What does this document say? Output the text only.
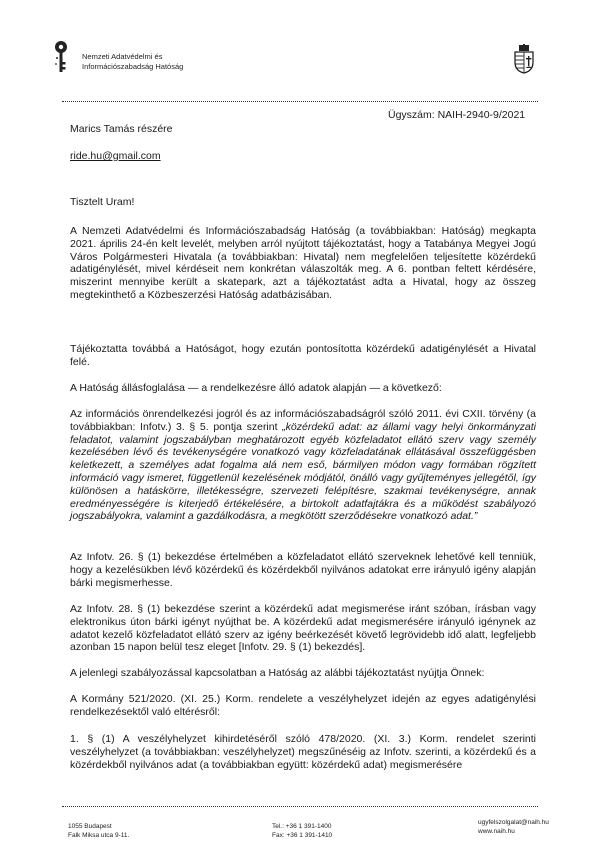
Nemzeti Adatvédelmi és
Információszabadság Hatóság
Ügyszám: NAIH-2940-9/2021
Marics Tamás részére
ride.hu@gmail.com
Tisztelt Uram!

A Nemzeti Adatvédelmi és Információszabadság Hatóság (a továbbiakban: Hatóság) megkapta 2021. április 24-én kelt levelét, melyben arról nyújtott tájékoztatást, hogy a Tatabánya Megyei Jogú Város Polgármesteri Hivatala (a továbbiakban: Hivatal) nem megfelelően teljesítette közérdekű adatigénylését, mivel kérdéseit nem konkrétan válaszolták meg. A 6. pontban feltett kérdésére, miszerint mennyibe került a skatepark, azt a tájékoztatást adta a Hivatal, hogy az összeg megtekinthető a Közbeszerzési Hatóság adatbázisában.

Tájékoztatta továbbá a Hatóságot, hogy ezután pontosította közérdekű adatigénylését a Hivatal felé.

A Hatóság állásfoglalása — a rendelkezésre álló adatok alapján — a következő:

Az információs önrendelkezési jogról és az információszabadságról szóló 2011. évi CXII. törvény (a továbbiakban: Infotv.) 3. § 5. pontja szerint „közérdekű adat: az állami vagy helyi önkormányzati feladatot, valamint jogszabályban meghatározott egyéb közfeladatot ellátó szerv vagy személy kezelésében lévő és tevékenységére vonatkozó vagy közfeladatának ellátásával összefüggésben keletkezett, a személyes adat fogalma alá nem eső, bármilyen módon vagy formában rögzített információ vagy ismeret, függetlenül kezelésének módjától, önálló vagy gyűjteményes jellegétől, így különösen a hatáskörre, illetékességre, szervezeti felépítésre, szakmai tevékenységre, annak eredményességére is kiterjedő értékelésére, a birtokolt adatfajtákra és a működést szabályozó jogszabályokra, valamint a gazdálkodásra, a megkötött szerződésekre vonatkozó adat.”

Az Infotv. 26. § (1) bekezdése értelmében a közfeladatot ellátó szerveknek lehetővé kell tenniük, hogy a kezelésükben lévő közérdekű és közérdekből nyilvános adatokat erre irányuló igény alapján bárki megismerhesse.

Az Infotv. 28. § (1) bekezdése szerint a közérdekű adat megismerése iránt szóban, írásban vagy elektronikus úton bárki igényt nyújthat be. A közérdekű adat megismerésére irányuló igénynek az adatot kezelő közfeladatot ellátó szerv az igény beérkezését követő legrövidebb idő alatt, legfeljebb azonban 15 napon belül tesz eleget [Infotv. 29. § (1) bekezdés].

A jelenlegi szabályozással kapcsolatban a Hatóság az alábbi tájékoztatást nyújtja Önnek:

A Kormány 521/2020. (XI. 25.) Korm. rendelete a veszélyhelyzet idején az egyes adatigénylési rendelkezésektől való eltérésről:

1. § (1) A veszélyhelyzet kihirdetéséről szóló 478/2020. (XI. 3.) Korm. rendelet szerinti veszélyhelyzet (a továbbiakban: veszélyhelyzet) megszűnéséig az Infotv. szerinti, a közérdekű és a közérdekből nyilvános adat (a továbbiakban együtt: közérdekű adat) megismerésére

1055 Budapest
Falk Miksa utca 9-11.
Tel.: +36 1 391-1400
Fax: +36 1 391-1410
ugyfelszolgalat@naih.hu
www.naih.hu
